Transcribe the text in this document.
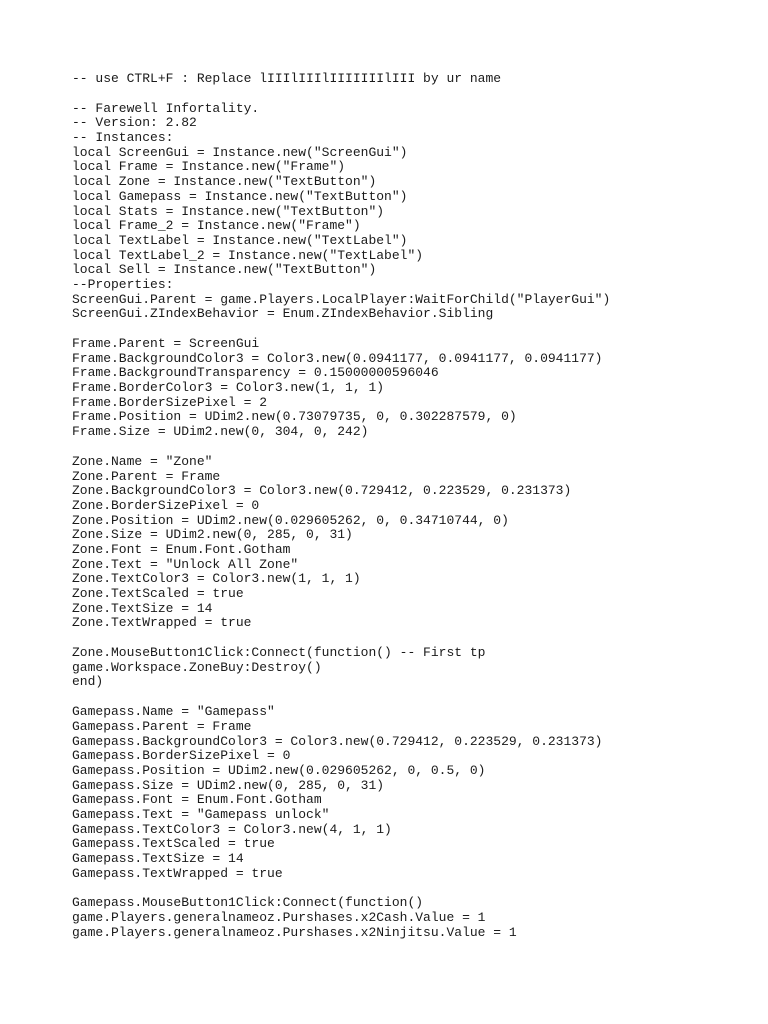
-- use CTRL+F : Replace lIIIlIIIlIIIIIIIlIII by ur name
-- Farewell Infortality.
-- Version: 2.82
-- Instances:
local ScreenGui = Instance.new("ScreenGui")
local Frame = Instance.new("Frame")
local Zone = Instance.new("TextButton")
local Gamepass = Instance.new("TextButton")
local Stats = Instance.new("TextButton")
local Frame_2 = Instance.new("Frame")
local TextLabel = Instance.new("TextLabel")
local TextLabel_2 = Instance.new("TextLabel")
local Sell = Instance.new("TextButton")
--Properties:
ScreenGui.Parent = game.Players.LocalPlayer:WaitForChild("PlayerGui")
ScreenGui.ZIndexBehavior = Enum.ZIndexBehavior.Sibling
Frame.Parent = ScreenGui
Frame.BackgroundColor3 = Color3.new(0.0941177, 0.0941177, 0.0941177)
Frame.BackgroundTransparency = 0.15000000596046
Frame.BorderColor3 = Color3.new(1, 1, 1)
Frame.BorderSizePixel = 2
Frame.Position = UDim2.new(0.73079735, 0, 0.302287579, 0)
Frame.Size = UDim2.new(0, 304, 0, 242)
Zone.Name = "Zone"
Zone.Parent = Frame
Zone.BackgroundColor3 = Color3.new(0.729412, 0.223529, 0.231373)
Zone.BorderSizePixel = 0
Zone.Position = UDim2.new(0.029605262, 0, 0.34710744, 0)
Zone.Size = UDim2.new(0, 285, 0, 31)
Zone.Font = Enum.Font.Gotham
Zone.Text = "Unlock All Zone"
Zone.TextColor3 = Color3.new(1, 1, 1)
Zone.TextScaled = true
Zone.TextSize = 14
Zone.TextWrapped = true
Zone.MouseButton1Click:Connect(function() -- First tp
game.Workspace.ZoneBuy:Destroy()
end)
Gamepass.Name = "Gamepass"
Gamepass.Parent = Frame
Gamepass.BackgroundColor3 = Color3.new(0.729412, 0.223529, 0.231373)
Gamepass.BorderSizePixel = 0
Gamepass.Position = UDim2.new(0.029605262, 0, 0.5, 0)
Gamepass.Size = UDim2.new(0, 285, 0, 31)
Gamepass.Font = Enum.Font.Gotham
Gamepass.Text = "Gamepass unlock"
Gamepass.TextColor3 = Color3.new(4, 1, 1)
Gamepass.TextScaled = true
Gamepass.TextSize = 14
Gamepass.TextWrapped = true
Gamepass.MouseButton1Click:Connect(function()
game.Players.generalnameoz.Purshases.x2Cash.Value = 1
game.Players.generalnameoz.Purshases.x2Ninjitsu.Value = 1
